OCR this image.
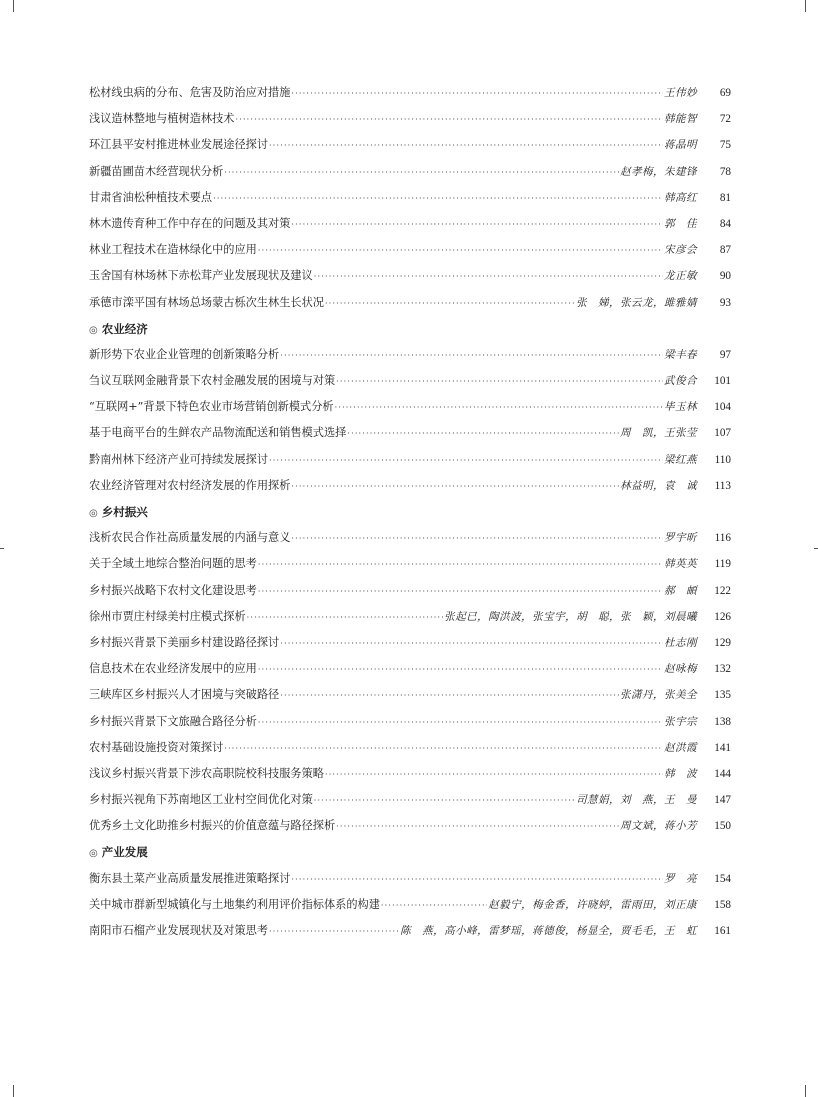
松材线虫病的分布、危害及防治应对措施 ·····	王伟妙	69
浅议造林整地与植树造林技术 ·····	韩能智	72
环江县平安村推进林业发展途径探讨 ·····	蒋晶明	75
新疆苗圃苗木经营现状分析 ·····	赵孝梅，朱建锋	78
甘肃省油松种植技术要点 ·····	韩高红	81
林木遗传育种工作中存在的问题及其对策 ·····	郭　佳	84
林业工程技术在造林绿化中的应用 ·····	宋彦会	87
玉舍国有林场林下赤松茸产业发展现状及建议 ·····	龙正敏	90
承德市滦平国有林场总场蒙古栎次生林生长状况 ·····	张　娣，张云龙，雎雅婧	93
◎ 农业经济
新形势下农业企业管理的创新策略分析 ·····	梁丰春	97
刍议互联网金融背景下农村金融发展的困境与对策 ·····	武俊合	101
“互联网+”背景下特色农业市场营销创新模式分析 ·····	毕玉林	104
基于电商平台的生鲜农产品物流配送和销售模式选择 ·····	周　凯，王张莹	107
黔南州林下经济产业可持续发展探讨 ·····	梁红燕	110
农业经济管理对农村经济发展的作用探析 ·····	林益明，袁　诚	113
◎ 乡村振兴
浅析农民合作社高质量发展的内涵与意义 ·····	罗宇昕	116
关于全域土地综合整治问题的思考 ·····	韩英英	119
乡村振兴战略下农村文化建设思考 ·····	郝　頔	122
徐州市贾庄村绿美村庄模式探析 ·····	张起已，陶洪波，张宝宇，胡　聪，张　颖，刘晨曦	126
乡村振兴背景下美丽乡村建设路径探讨 ·····	杜志刚	129
信息技术在农业经济发展中的应用 ·····	赵咏梅	132
三峡库区乡村振兴人才困境与突破路径 ·····	张潇丹，张美全	135
乡村振兴背景下文旅融合路径分析 ·····	张宇宗	138
农村基础设施投资对策探讨 ·····	赵洪霞	141
浅议乡村振兴背景下涉农高职院校科技服务策略 ·····	韩　波	144
乡村振兴视角下苏南地区工业村空间优化对策 ·····	司慧娟，刘　燕，王　曼	147
优秀乡土文化助推乡村振兴的价值意蕴与路径探析 ·····	周文斌，蒋小芳	150
◎ 产业发展
衡东县土菜产业高质量发展推进策略探讨 ·····	罗　亮	154
关中城市群新型城镇化与土地集约利用评价指标体系的构建 ·····	赵毅宁，梅金香，许晓婷，雷雨田，刘正康	158
南阳市石榴产业发展现状及对策思考 ·····	陈　燕，高小峰，雷梦瑶，蒋德俊，杨显全，贾毛毛，王　虹	161
